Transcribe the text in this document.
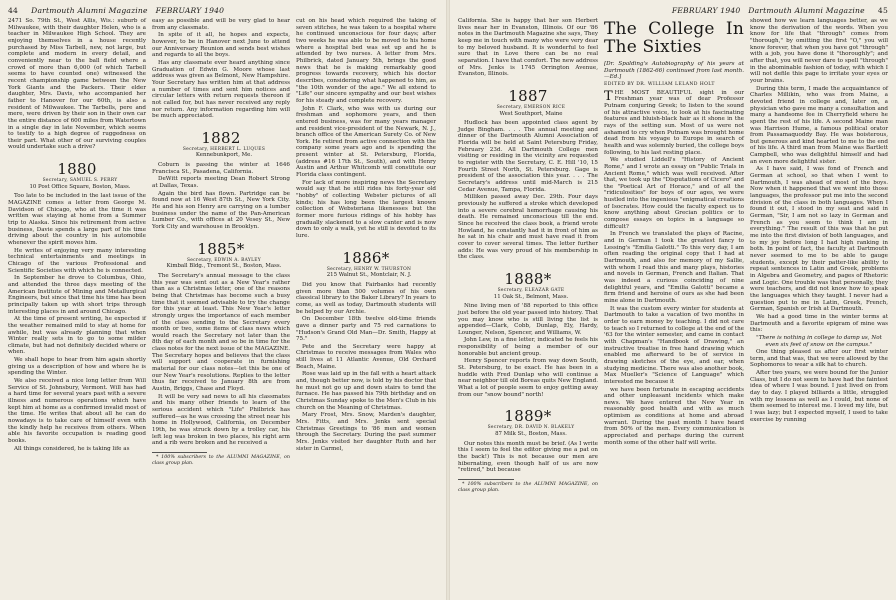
44 Dartmouth Alumni Magazine FEBRUARY 1940

2471 So. 79th St., West Allis, Wis.: suburb of Milwaukee, with their daughter Helen, who is a teacher in Milwaukee High School. They are enjoying themselves in a house recently purchased by Miss Tarbell, new, not large, but complete and modern in every detail, and conveniently near to the ball field where a crowd of more than 6,000 (of which Tarbell seems to have counted one) witnessed the recent championship game between the New York Giants and the Packers. Their elder daughter, Mrs. Davis, who accompanied her father to Hanover for our 60th, is also a resident of Milwaukee. The Tarbells, pere and mere, were driven by their son in their own car the entire distance of 600 miles from Watertown in a single day in late November, which seems to testify to a high degree of ruggedness on their part. What other of our surviving couples would undertake such a drive?

1880

Secretary, SAMUEL S. PERRY

10 Post Office Square, Boston, Mass.

Too late to be included in the last issue of the MAGAZINE comes a letter from George M. Davidson of Chicago, who at the time it was written was staying at home from a Summer trip to Alaska. Since his retirement from active business, Davie spends a large part of his time driving about the country in his automobile whenever the spirit moves him.

He writes of enjoying very many interesting technical entertainments and meetings in Chicago of the various Professional and Scientific Societies with which he is connected.

In September he drove to Columbus, Ohio, and attended the three days meeting of the American Institute of Mining and Metallurgical Engineers, but since that time his time has been principally taken up with short trips through interesting places in and around Chicago.

At the time of present writing, he expected if the weather remained mild to stay at home for awhile, but was already planning that when Winter really sets in to go to some milder climate, but had not definitely decided where or when.

We shall hope to hear from him again shortly giving us a description of how and where he is spending the Winter.

We also received a nice long letter from Will Service of St. Johnsbury, Vermont. Will has had a hard time for several years past with a severe illness and numerous operations which have kept him at home as a confirmed invalid most of the time. He writes that about all he can do nowadays is to take care of himself even with the kindly help he receives from others. When able his favorite occupation is reading good books.

All things considered, he is taking life as

easy as possible and will be very glad to hear from any classmate.

In spite of it all, he hopes and expects, however, to be in Hanover next June to attend our Anniversary Reunion and sends best wishes and regards to all the boys.

Has any classmate ever heard anything since Graduation of Edwin G. Moore whose last address was given as Belmont, New Hampshire. Your Secretary has written him at that address a number of times and sent him notices and circular letters with return requests thereon if not called for, but has never received any reply nor return. Any information regarding him will be much appreciated.

1882

Secretary, HERBERT L. LUQUES

Kennebunkport, Me.

Coburn is passing the winter at 1646 Francisca St., Pasadena, California.

DeWitt reports meeting Dean Robert Strong at Dallas, Texas.

Again the bird has flown. Partridge can be found now at 16 West 87th St., New York City. He and his son Henry are carrying on a lumber business under the name of the Pan-American Lumber Co., with offices at 20 Vesey St., New York City and warehouse in Brooklyn.

1885*

Secretary, EDWIN A. BAYLEY

Kimball Bldg., Tremont St., Boston, Mass.

The Secretary's annual message to the class this year was sent out as a New Year's rather than as a Christmas letter, one of the reasons being that Christmas has become such a busy time that it seemed advisable to try the change for this year at least. This New Year's letter strongly urges the importance of each member of the class sending to the Secretary every month or two, some items of class news which would reach the Secretary not later than the 8th day of each month and so be in time for the class notes for the next issue of the MAGAZINE. The Secretary hopes and believes that the class will support and cooperate in furnishing material for our class notes—let this be one of our New Year's resolutions. Replies to the letter thus far received to January 8th are from Austin, Briggs, Chase and Floyd.

It will be very sad news to all his classmates and his many other friends to learn of the serious accident which "Life" Philbrick has suffered—as he was crossing the street near his home in Hollywood, California, on December 19th, he was struck down by a trolley car, his left leg was broken in two places, his right arm and a rib were broken and he received a

* 100% subscribers to the ALUMNI MAGAZINE, on class group plan.

cut on his head which required the taking of seven stitches, he was taken to a hospital where he continued unconscious for four days; after two weeks he was able to be moved to his home where a hospital bed was set up and he is attended by two nurses. A letter from Mrs. Philbrick, dated January 5th, brings the good news that he is making remarkably good progress towards recovery, which his doctor describes, considering what happened to him, as "the 10th wonder of the age." We all extend to "Life" our sincere sympathy and our best wishes for his steady and complete recovery.

John F. Clark, who was with us during our freshman and sophomore years, and then entered business, was for many years manager and resident vice-president of the Newark, N. J., branch office of the American Surety Co. of New York. He retired from active connection with the company some years ago and is spending the present winter at St. Petersburg, Florida, (address #16 17th St., South), and with Henry Austin and Arthur Whitcomb will constitute our Florida class contingent.

For lack of more inspiring news the Secretary would say that he still rides his forty-year old "hobby" of collecting Webster pictures of all kinds; his has long been the largest known collection of Websteriana likenesses but the former more furious ridings of his hobby has gradually slackened to a slow canter and is now down to only a walk, yet he still is devoted to its lure.

1886*

Secretary, HENRY W. THURSTON

215 Walnut St., Montclair, N. J.

Did you know that Fairbanks had recently given more than 500 volumes of his own classical library to the Baker Library? In years to come, as well as today, Dartmouth students will be helped by our Archie.

On December 18th twelve old-time friends gave a dinner party and 75 red carnations to "Hudson's Grand Old Man—Dr. Smith, Happy at 75."

Pete and the Secretary were happy at Christmas to receive messages from Wales who still lives at 11 Atlantic Avenue, Old Orchard Beach, Maine.

Rose was laid up in the fall with a heart attack and, though better now, is told by his doctor that he must not go up and down stairs to tend the furnace. He has passed his 79th birthday and on Christmas Sunday spoke to the Men's Club in his church on the Meaning of Christmas.

Mary Frost, Mrs. Snow, Marden's daughter, Mrs. Fitts, and Mrs. Jenks sent special Christmas Greetings to '86 men and women through the Secretary. During the past summer Mrs. Jenks visited her daughter Ruth and her sister in Carmel,

FEBRUARY 1940 Dartmouth Alumni Magazine 45

California. She is happy that her son Herbert lives near her in Evanston, Illinois. Of our '86 notes in the Dartmouth Magazine she says, They keep me in touch with many who were very dear to my beloved husband. It is wonderful to feel sure that in Love there can be no real separation. I have that comfort. The new address of Mrs. Jenks is 1745 Orrington Avenue, Evanston, Illinois.

1887

Secretary, EMERSON RICE

West Southport, Maine

Hudlock has been appointed class agent by Judge Bingham. . . . The annual meeting and dinner of the Dartmouth Alumni Association of Florida will be held at Saint Petersburg Friday, February 23d. All Dartmouth College men visiting or residing in the vicinity are requested to register with the Secretary, C. E. Hill '10, 15 Fourth Street North, St. Petersburg. Gage is president of the association this year. . . . The Secretary's address until mid-March is 215 Cedar Avenue, Tampa, Florida.

Milliken passed away Dec. 29th. Four days previously he suffered a stroke which developed into a severe cerebral hemorrhage causing his death. He remained unconscious till the end. Since he received the class book, a friend wrote Howland, he constantly had it in front of him as he sat in his chair and must have read it from cover to cover several times. The letter further adds: He was very proud of his membership in the class.

1888*

Secretary, ELEAZAR GATE

11 Oak St., Belmont, Mass.

Nine living men of '88 reported to this office just before the old year passed into history. That you may know who is still living the list is appended—Clark, Cobb, Dunlap, Ely, Hardy, Lounger, Nelson, Spencer, and Williams, W.

John Lew, in a fine letter, indicated he feels his responsibility of being a member of our honorable but ancient group.

Henry Spencer reports from way down South, St. Petersburg, to be exact. He has been in a huddle with Fred Dunlap who will continue a near neighbor till old Boreas quits New England. What a lot of people seem to enjoy getting away from our "snow bound" north!

1889*

Secretary, DR. DAVID N. BLAKELY

87 Milk St., Boston, Mass.

Our notes this month must be brief. (As I write this I seem to feel the editor giving me a pat on the back!) This is not because our men are hibernating, even though half of us are now "retired," but because

* 100% subscribers to the ALUMNI MAGAZINE, on class group plan.

The College In The Sixties

[Dr. Spalding's Autobiography of his years at Dartmouth (1862-66) continued from last month.—Ed.]

EDITED BY DR. WILLIAM LELAND HOLT

THE MOST BEAUTIFUL sight in our Freshman year was of dear Professor Putnam conjuring Greek; to listen to the sound of his attractive voice, to look at his fascinating features and bluish-black hair as it shone in the rays of the setting sun. Most of us were not ashamed to cry when Putnam was brought home dead from his voyage to Europe in search of health and was solemnly buried, the college boys following, to his last resting place.

We studied Liddell's "History of Ancient Rome," and I wrote an essay on "Public Trials in Ancient Rome," which was well received. After that, we took up the "Disputations of Cicero" and the "Poetical Art of Horace," and of all the "ridiculosities" for boys of our ages, we were hustled into the ingenious "enigmatical creations of Isocrates. How could the faculty expect us to know anything about Grecian politics or to compose essays on topics in a language so difficult?

In French we translated the plays of Racine, and in German I took the greatest fancy to Lessing's "Emilia Galotti." To this very day, I am often reading the original copy that I had at Dartmouth, and also for memory of my Sallie, with whom I read this and many plays, histories and novels in German, French and Italian. That was indeed a curious coinciding of nine delightful years, and "Emilia Galotti" became a firm friend and heroine of ours as she had been mine alone in Dartmouth.

It was the custom every winter for students at Dartmouth to take a vacation of two months in order to earn money by teaching. I did not care to teach so I returned to college at the end of the '63 for the winter semester, and came in contact with Chapman's "Handbook of Drawing," an instructive treatise in free hand drawing which enabled me afterward to be of service in drawing sketches of the eye, and ear, when studying medicine. There was also another book, Max Mueller's "Science of Language" which interested me because it

we have been fortunate in escaping accidents and other unpleasant incidents which make news. We have entered the New Year in reasonably good health and with as much optimism as conditions at home and abroad warrant. During the past month I have heard from 50% of the men. Every communication is appreciated and perhaps during the current month some of the other half will write.

showed how we learn languages better, as we know the derivation of the words. When you know for life that "through" comes from "thorough," by omitting the first "O," you will know forever, that when you have got "through" with a job, you have done it "thoroughly"; and after that, you will never dare to spell "through" in the abominable fashion of today, with which I will not defile this page to irritate your eyes or your brains.

During this term, I made the acquaintance of Charles Millikin, who was from Maine, a devoted friend in college and, later on, a physician who gave me many a consultation and many a handsome fee in Cherryfield where he spent the rest of his life. A second Maine man was Harrison Hume, a famous political orator from Passamaquoddy Bay. He was boisterous, but generous and kind hearted to me to the end of his life. A third man from Maine was Bartlett Campbell, who was delightful himself and had an even more delightful sister.

As I have said, I was fond of French and German at school, so that when I went to Dartmouth, I was ahead of most of the boys. Now when it happened that we went into those languages, the professor put me into the second division of the class in both languages. When I found it out, I stood in my seat and said in German, "Sir, I am not so lazy in German and French as you seem to think I am in everything." The result of this was that he put me into the first division of both languages, and to my joy before long I had high ranking in both. In point of fact, the faculty at Dartmouth never seemed to me to be able to gauge students, except by their patter-like ability to repeat sentences in Latin and Greek, problems in Algebra and Geometry, and pages of Rhetoric and Logic. One trouble was that personally, they were teachers, and did not know how to speak the languages which they taught. I never had a question put to me in Latin, Greek, French, German, Spanish or Irish at Dartmouth.

We had a good time in the winter terms at Dartmouth and a favorite epigram of mine was this:

"There is nothing in college to damp us, Not even six feet of snow on the campus."

One thing pleased us after our first winter term, and that was, that we were allowed by the Sophomores to wear a silk hat to church.

After two years, we were bound for the Junior Class, but I do not seem to have had the faintest idea of where I was bound. I just lived on from day to day. I played billiards a little, struggled with my lessons as well as I could, but none of them seemed to interest me. I loved my life, but I was lazy; but I expected myself, I used to take exercise by running
